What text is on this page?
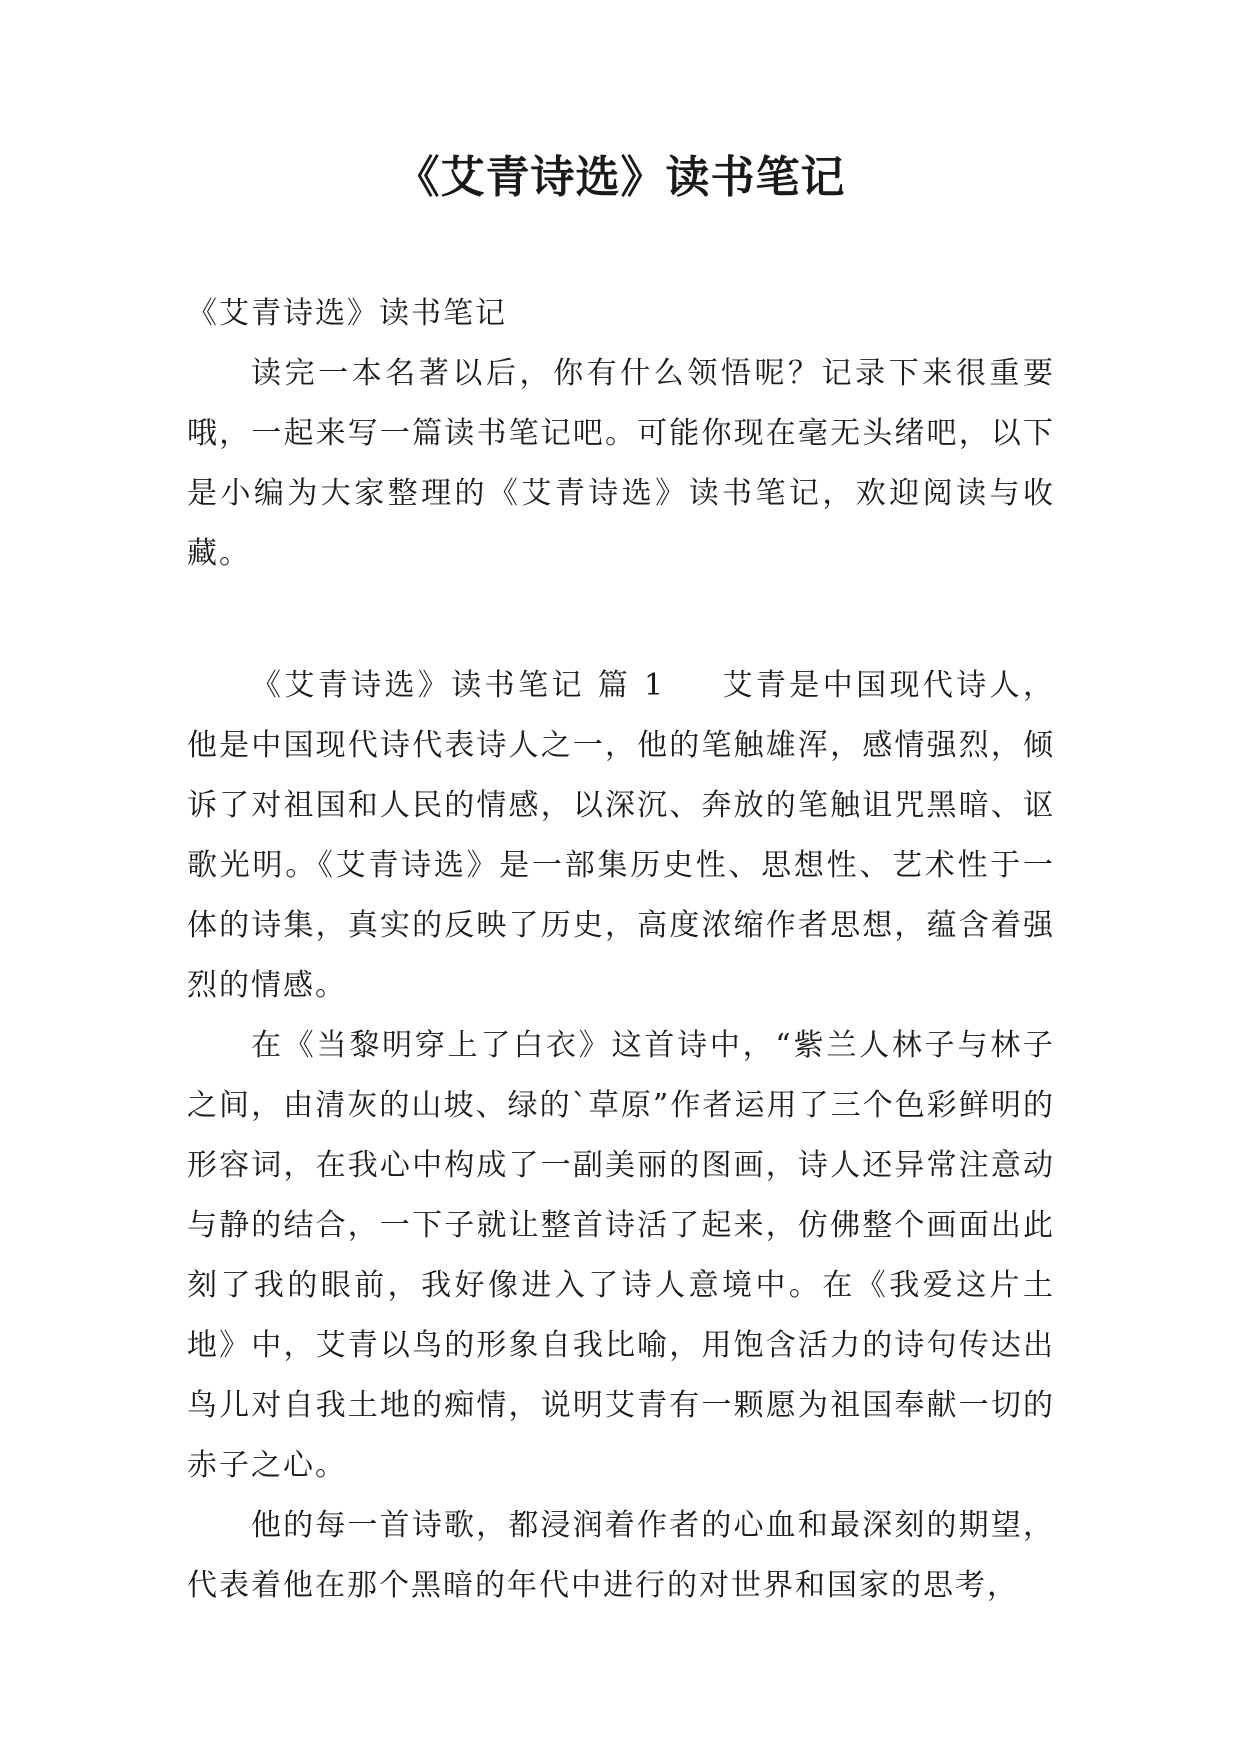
《艾青诗选》读书笔记

《艾青诗选》读书笔记

读完一本名著以后，你有什么领悟呢？记录下来很重要哦，一起来写一篇读书笔记吧。可能你现在毫无头绪吧，以下是小编为大家整理的《艾青诗选》读书笔记，欢迎阅读与收藏。

《艾青诗选》读书笔记 篇 1 艾青是中国现代诗人，他是中国现代诗代表诗人之一，他的笔触雄浑，感情强烈，倾诉了对祖国和人民的情感，以深沉、奔放的笔触诅咒黑暗、讴歌光明。《艾青诗选》是一部集历史性、思想性、艺术性于一体的诗集，真实的反映了历史，高度浓缩作者思想，蕴含着强烈的情感。

在《当黎明穿上了白衣》这首诗中，“紫兰人林子与林子之间，由清灰的山坡、绿的`草原”作者运用了三个色彩鲜明的形容词，在我心中构成了一副美丽的图画，诗人还异常注意动与静的结合，一下子就让整首诗活了起来，仿佛整个画面出此刻了我的眼前，我好像进入了诗人意境中。在《我爱这片土地》中，艾青以鸟的形象自我比喻，用饱含活力的诗句传达出鸟儿对自我土地的痴情，说明艾青有一颗愿为祖国奉献一切的赤子之心。

他的每一首诗歌，都浸润着作者的心血和最深刻的期望，代表着他在那个黑暗的年代中进行的对世界和国家的思考，
